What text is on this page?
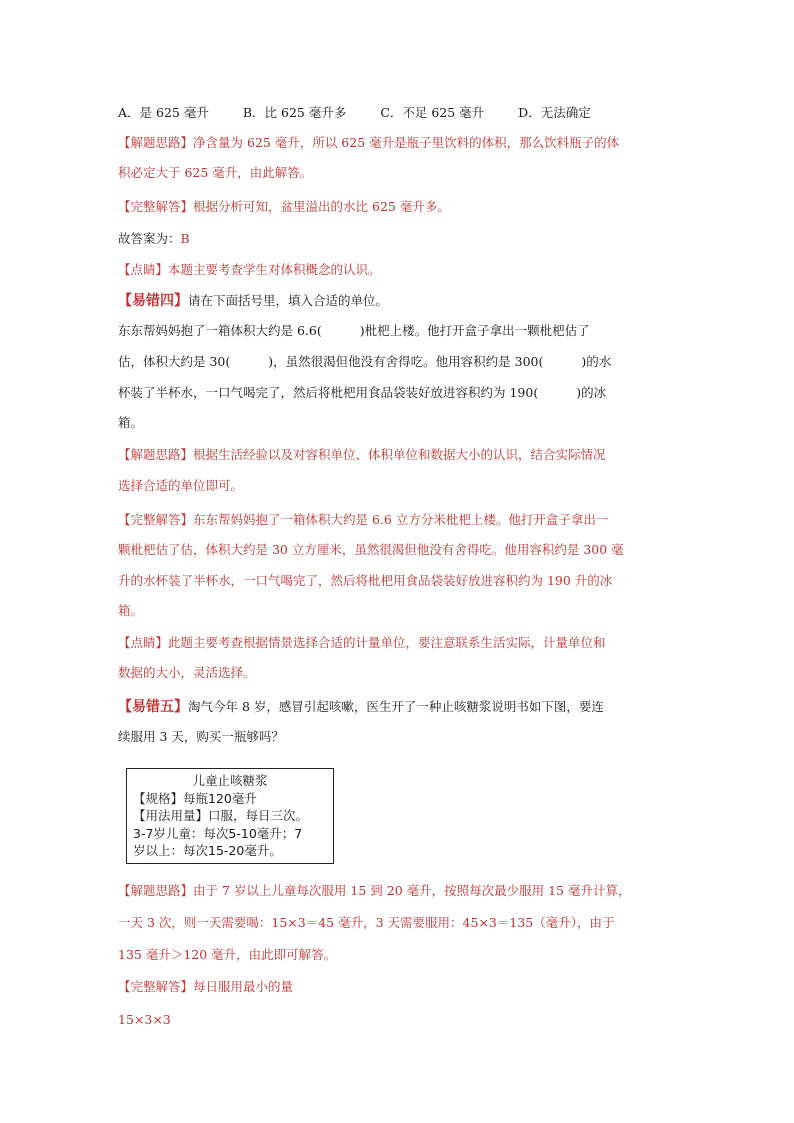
A．是 625 毫升	B．比 625 毫升多	C．不足 625 毫升	D．无法确定
【解题思路】净含量为 625 毫升，所以 625 毫升是瓶子里饮料的体积，那么饮料瓶子的体
积必定大于 625 毫升，由此解答。
【完整解答】根据分析可知，盆里溢出的水比 625 毫升多。
故答案为：B
【点睛】本题主要考查学生对体积概念的认识。
【易错四】请在下面括号里，填入合适的单位。
东东帮妈妈抱了一箱体积大约是 6.6(	)枇杷上楼。他打开盒子拿出一颗枇杷估了
估，体积大约是 30(	)，虽然很渴但他没有舍得吃。他用容积约是 300(	)的水
杯装了半杯水，一口气喝完了，然后将枇杷用食品袋装好放进容积约为 190(	)的冰
箱。
【解题思路】根据生活经验以及对容积单位、体积单位和数据大小的认识，结合实际情况
选择合适的单位即可。
【完整解答】东东帮妈妈抱了一箱体积大约是 6.6 立方分米枇杷上楼。他打开盒子拿出一
颗枇杷估了估，体积大约是 30 立方厘米，虽然很渴但他没有舍得吃。他用容积约是 300 毫
升的水杯装了半杯水，一口气喝完了，然后将枇杷用食品袋装好放进容积约为 190 升的冰
箱。
【点睛】此题主要考查根据情景选择合适的计量单位，要注意联系生活实际，计量单位和
数据的大小，灵活选择。
【易错五】淘气今年 8 岁，感冒引起咳嗽，医生开了一种止咳糖浆说明书如下图，要连
续服用 3 天，购买一瓶够吗？
儿童止咳糖浆
【规格】每瓶120毫升
【用法用量】口服，每日三次。
3-7岁儿童：每次5-10毫升；7
岁以上：每次15-20毫升。
【解题思路】由于 7 岁以上儿童每次服用 15 到 20 毫升，按照每次最少服用 15 毫升计算，
一天 3 次，则一天需要喝：15×3＝45 毫升，3 天需要服用：45×3＝135（毫升），由于
135 毫升＞120 毫升，由此即可解答。
【完整解答】每日服用最小的量
15×3×3
